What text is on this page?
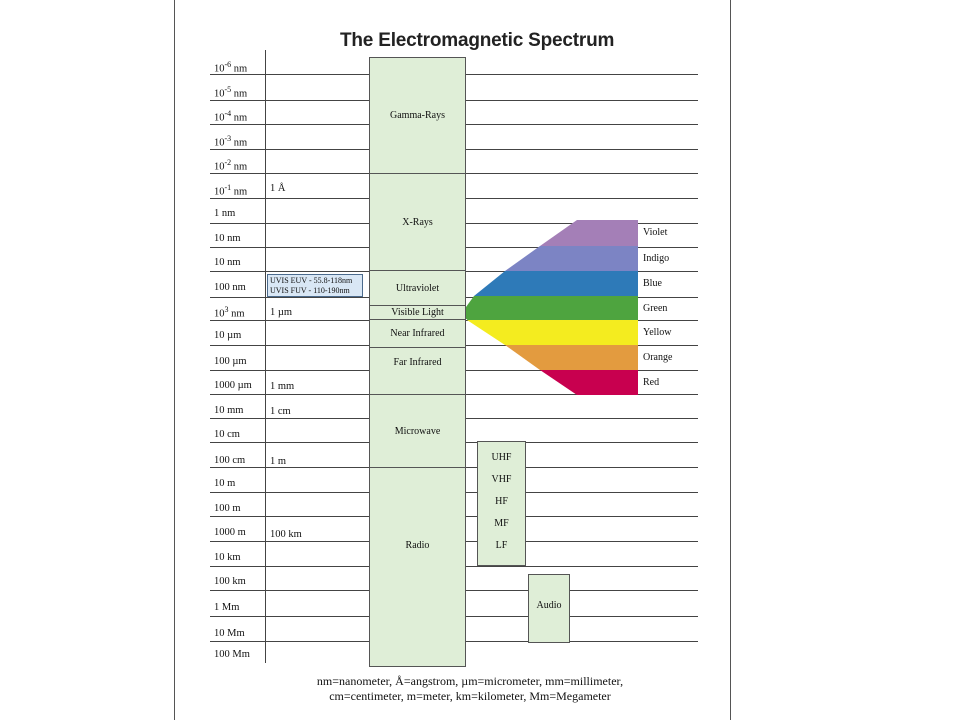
The Electromagnetic Spectrum
$10^{-6}$ nm
$10^{-5}$ nm
$10^{-4}$ nm
$10^{-3}$ nm
$10^{-2}$ nm
$10^{-1}$ nm
1 nm
10 nm
10 nm
100 nm
$10^3$ nm
10 µm
100 µm
1000 µm
10 mm
10 cm
100 cm
10 m
100 m
1000 m
10 km
100 km
1 Mm
10 Mm
100 Mm
1 Å
1 µm
1 mm
1 cm
1 m
100 km
UVIS EUV - 55.8-118nm
UVIS FUV - 110-190nm
Gamma-Rays
X-Rays
Ultraviolet
Visible Light
Near Infrared
Far Infrared
Microwave
Radio
UHF
VHF
HF
MF
LF
Audio
Violet
Indigo
Blue
Green
Yellow
Orange
Red
nm=nanometer, Å=angstrom, µm=micrometer, mm=millimeter,
cm=centimeter, m=meter, km=kilometer, Mm=Megameter
